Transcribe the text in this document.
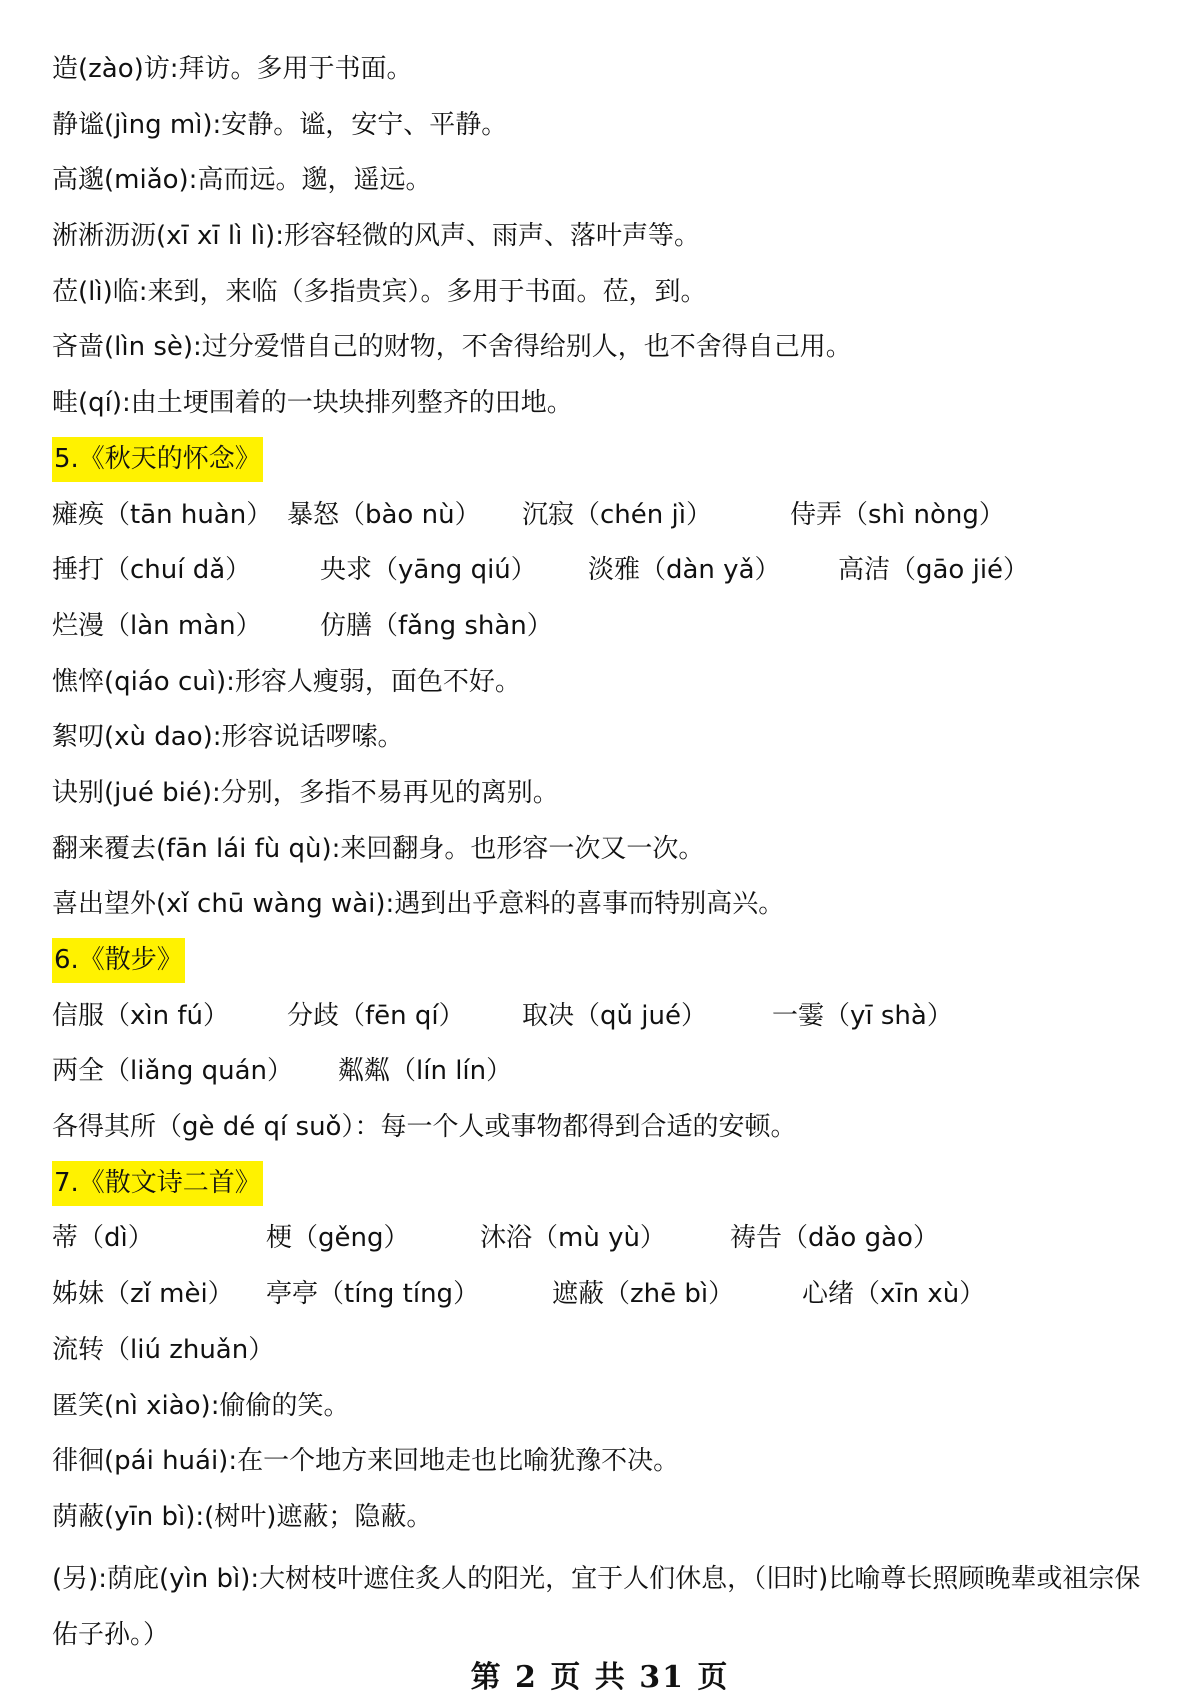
造(zào)访:拜访。多用于书面。
静谧(jìng mì):安静。谧，安宁、平静。
高邈(miǎo):高而远。邈，遥远。
淅淅沥沥(xī xī lì lì):形容轻微的风声、雨声、落叶声等。
莅(lì)临:来到，来临（多指贵宾）。多用于书面。莅，到。
吝啬(lìn sè):过分爱惜自己的财物，不舍得给别人，也不舍得自己用。
畦(qí):由土埂围着的一块块排列整齐的田地。
5.《秋天的怀念》
瘫痪（tān huàn） 暴怒（bào nù）	沉寂（chén jì）	侍弄（shì nòng）
捶打（chuí dǎ）	央求（yāng qiú）	淡雅（dàn yǎ）	高洁（gāo jié）
烂漫（làn màn）	仿膳（fǎng shàn）
憔悴(qiáo cuì):形容人瘦弱，面色不好。
絮叨(xù dao):形容说话啰嗦。
诀别(jué bié):分别，多指不易再见的离别。
翻来覆去(fān lái fù qù):来回翻身。也形容一次又一次。
喜出望外(xǐ chū wàng wài):遇到出乎意料的喜事而特别高兴。
6.《散步》
信服（xìn fú）	分歧（fēn qí）	取决（qǔ jué）	一霎（yī shà）
两全（liǎng quán）	粼粼（lín lín）
各得其所（gè dé qí suǒ）：每一个人或事物都得到合适的安顿。
7.《散文诗二首》
蒂（dì）	梗（gěng）	沐浴（mù yù）	祷告（dǎo gào）
姊妹（zǐ mèi）	亭亭（tíng tíng）	遮蔽（zhē bì）	心绪（xīn xù）
流转（liú zhuǎn）
匿笑(nì xiào):偷偷的笑。
徘徊(pái huái):在一个地方来回地走也比喻犹豫不决。
荫蔽(yīn bì):(树叶)遮蔽；隐蔽。
(另):荫庇(yìn bì):大树枝叶遮住炙人的阳光，宜于人们休息，（旧时)比喻尊长照顾晚辈或祖宗保佑子孙。）
第 2 页 共 31 页
